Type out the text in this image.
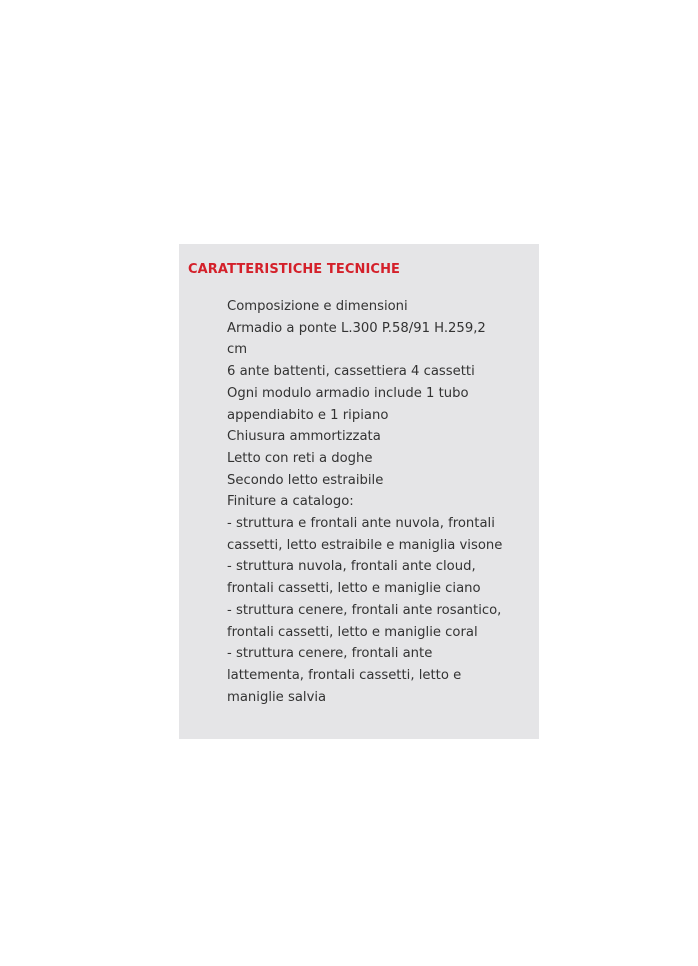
CARATTERISTICHE TECNICHE
Composizione e dimensioni
Armadio a ponte L.300 P.58/91 H.259,2
cm
6 ante battenti, cassettiera 4 cassetti
Ogni modulo armadio include 1 tubo
appendiabito e 1 ripiano
Chiusura ammortizzata
Letto con reti a doghe
Secondo letto estraibile
Finiture a catalogo:
- struttura e frontali ante nuvola, frontali
cassetti, letto estraibile e maniglia visone
- struttura nuvola, frontali ante cloud,
frontali cassetti, letto e maniglie ciano
- struttura cenere, frontali ante rosantico,
frontali cassetti, letto e maniglie coral
- struttura cenere, frontali ante
lattementa, frontali cassetti, letto e
maniglie salvia
